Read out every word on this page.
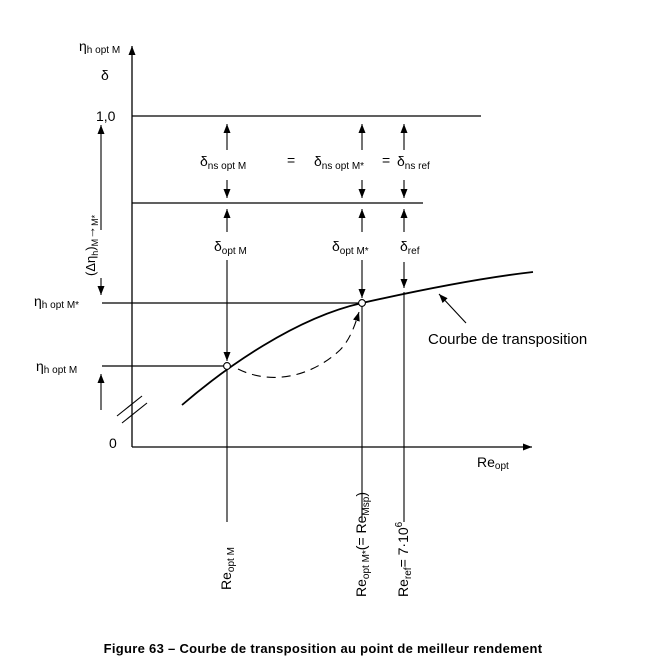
ηh opt M
δ
Reopt
0
1,0
ηh opt M*
ηh opt M
$(\Delta\eta_h)_M\to_{M*}$
$\delta_{ns opt M}$	= $\delta_{ns opt M*} = \delta_{ns ref}$
$\delta_{opt M}$	$\delta_{opt M*}$ $\delta_{ref}$
Courbe de transposition
$Re_{opt M}$
$Re_{opt M*}(= Re_{Msp})$
$Re_{ref}= 7\cdot 10^6$
Figure 63 – Courbe de transposition au point de meilleur rendement
